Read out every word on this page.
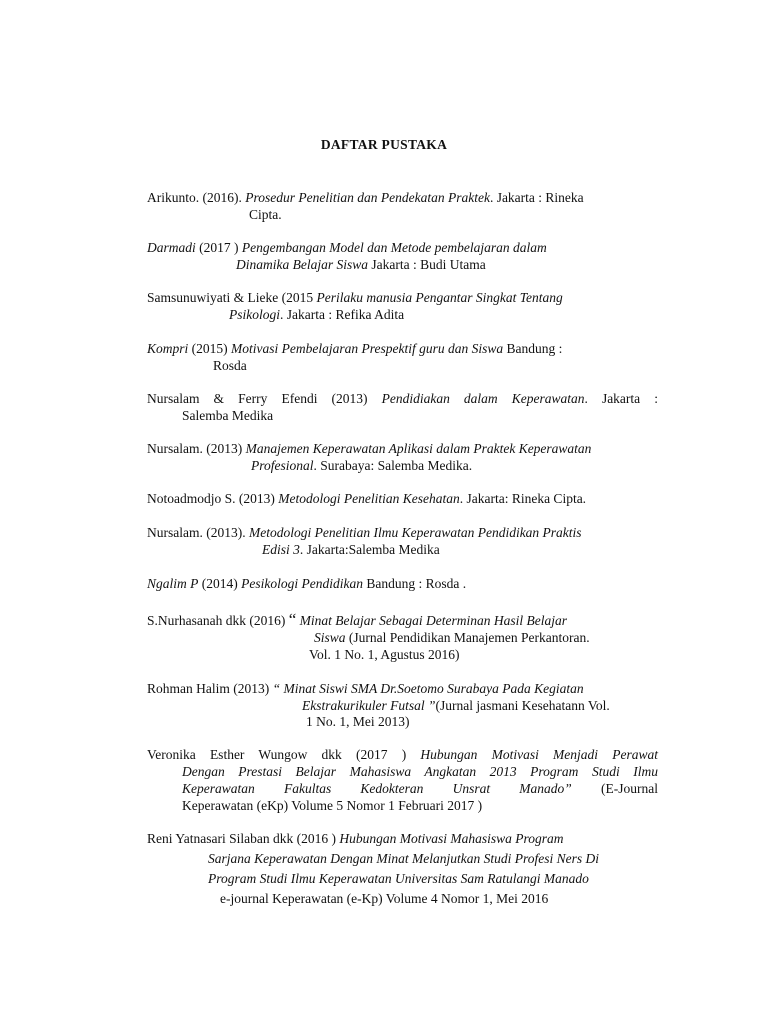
DAFTAR PUSTAKA
Arikunto. (2016). Prosedur Penelitian dan Pendekatan Praktek. Jakarta : Rineka
Cipta.
Darmadi (2017 ) Pengembangan Model dan Metode pembelajaran dalam
Dinamika Belajar Siswa Jakarta : Budi Utama
Samsunuwiyati & Lieke (2015 Perilaku manusia Pengantar Singkat Tentang
Psikologi. Jakarta : Refika Adita
Kompri (2015) Motivasi Pembelajaran Prespektif guru dan Siswa Bandung :
Rosda
Nursalam & Ferry Efendi (2013) Pendidiakan dalam Keperawatan. Jakarta :
Salemba Medika
Nursalam. (2013) Manajemen Keperawatan Aplikasi dalam Praktek Keperawatan
Profesional. Surabaya: Salemba Medika.
Notoadmodjo S. (2013) Metodologi Penelitian Kesehatan. Jakarta: Rineka Cipta.
Nursalam. (2013). Metodologi Penelitian Ilmu Keperawatan Pendidikan Praktis
Edisi 3. Jakarta:Salemba Medika
Ngalim P (2014) Pesikologi Pendidikan Bandung : Rosda .
S.Nurhasanah dkk (2016) “ Minat Belajar Sebagai Determinan Hasil Belajar
Siswa (Jurnal Pendidikan Manajemen Perkantoran.
Vol. 1 No. 1, Agustus 2016)
Rohman Halim (2013) “ Minat Siswi SMA Dr.Soetomo Surabaya Pada Kegiatan
Ekstrakurikuler Futsal ”(Jurnal jasmani Kesehatann Vol.
1 No. 1, Mei 2013)
Veronika Esther Wungow dkk (2017 ) Hubungan Motivasi Menjadi Perawat
Dengan Prestasi Belajar Mahasiswa Angkatan 2013 Program Studi Ilmu
Keperawatan Fakultas Kedokteran Unsrat Manado” (E-Journal
Keperawatan (eKp) Volume 5 Nomor 1 Februari 2017 )
Reni Yatnasari Silaban dkk (2016 ) Hubungan Motivasi Mahasiswa Program
Sarjana Keperawatan Dengan Minat Melanjutkan Studi Profesi Ners Di
Program Studi Ilmu Keperawatan Universitas Sam Ratulangi Manado
e-journal Keperawatan (e-Kp) Volume 4 Nomor 1, Mei 2016
